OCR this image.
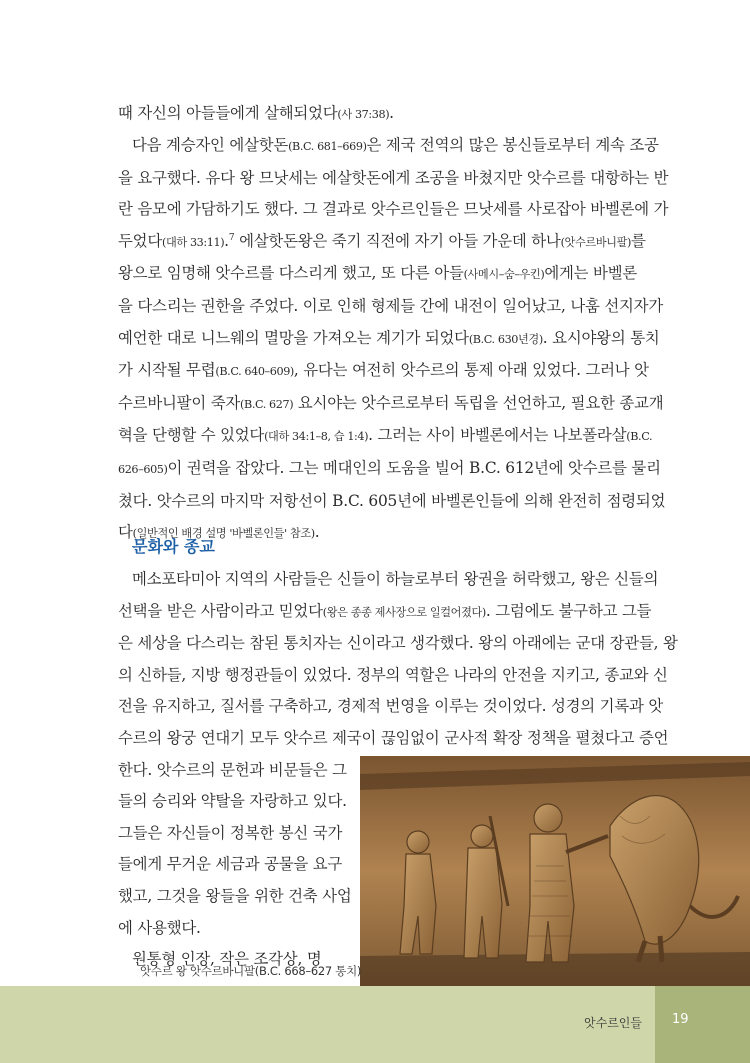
때 자신의 아들들에게 살해되었다(사 37:38).
다음 계승자인 에살핫돈(B.C. 681–669)은 제국 전역의 많은 봉신들로부터 계속 조공
을 요구했다. 유다 왕 므낫세는 에살핫돈에게 조공을 바쳤지만 앗수르를 대항하는 반
란 음모에 가담하기도 했다. 그 결과로 앗수르인들은 므낫세를 사로잡아 바벨론에 가
두었다(대하 33:11).$^7$ 에살핫돈왕은 죽기 직전에 자기 아들 가운데 하나(앗수르바니팔)를
왕으로 임명해 앗수르를 다스리게 했고, 또 다른 아들(사메시–숨–우킨)에게는 바벨론
을 다스리는 권한을 주었다. 이로 인해 형제들 간에 내전이 일어났고, 나훔 선지자가
예언한 대로 니느웨의 멸망을 가져오는 계기가 되었다(B.C. 630년경). 요시야왕의 통치
가 시작될 무렵(B.C. 640–609), 유다는 여전히 앗수르의 통제 아래 있었다. 그러나 앗
수르바니팔이 죽자(B.C. 627) 요시야는 앗수르로부터 독립을 선언하고, 필요한 종교개
혁을 단행할 수 있었다(대하 34:1–8, 습 1:4). 그러는 사이 바벨론에서는 나보폴라살(B.C.
626–605)이 권력을 잡았다. 그는 메대인의 도움을 빌어 B.C. 612년에 앗수르를 물리
쳤다. 앗수르의 마지막 저항선이 B.C. 605년에 바벨론인들에 의해 완전히 점령되었
다(일반적인 배경 설명 '바벨론인들' 참조).
문화와 종교
메소포타미아 지역의 사람들은 신들이 하늘로부터 왕권을 허락했고, 왕은 신들의
선택을 받은 사람이라고 믿었다(왕은 종종 제사장으로 일컬어졌다). 그럼에도 불구하고 그들
은 세상을 다스리는 참된 통치자는 신이라고 생각했다. 왕의 아래에는 군대 장관들, 왕
의 신하들, 지방 행정관들이 있었다. 정부의 역할은 나라의 안전을 지키고, 종교와 신
전을 유지하고, 질서를 구축하고, 경제적 번영을 이루는 것이었다. 성경의 기록과 앗
수르의 왕궁 연대기 모두 앗수르 제국이 끊임없이 군사적 확장 정책을 펼쳤다고 증언
한다. 앗수르의 문헌과 비문들은 그
들의 승리와 약탈을 자랑하고 있다.
그들은 자신들이 정복한 봉신 국가
들에게 무거운 세금과 공물을 요구
했고, 그것을 왕들을 위한 건축 사업
에 사용했다.
원통형 인장, 작은 조각상, 명
앗수르 왕 앗수르바니팔(B.C. 668–627 통치)
앗수르인들 19
